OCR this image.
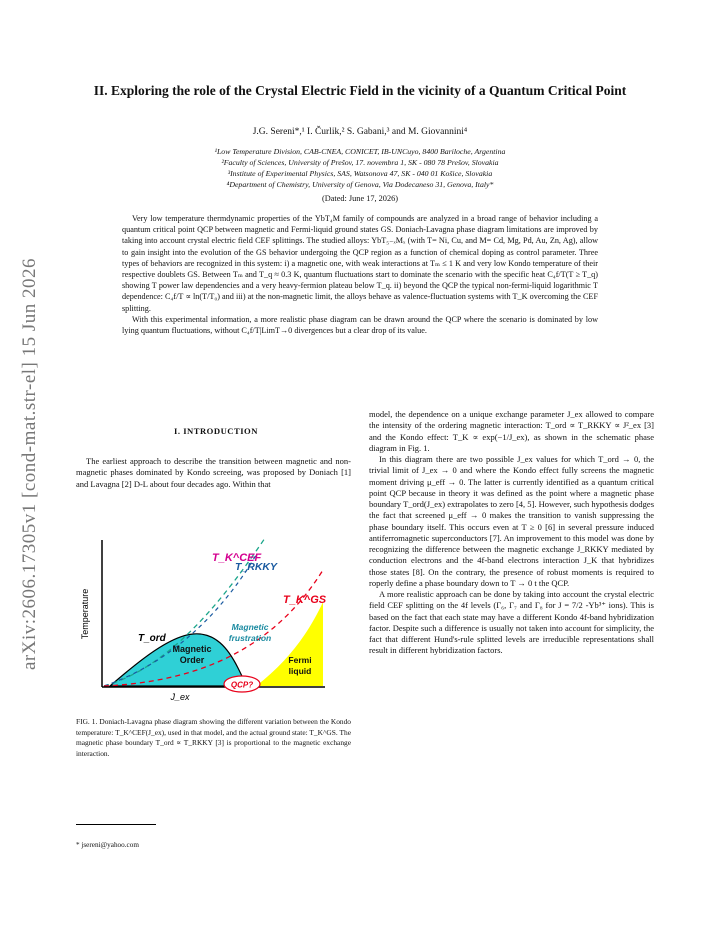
arXiv:2606.17305v1 [cond-mat.str-el] 15 Jun 2026
II. Exploring the role of the Crystal Electric Field in the vicinity of a Quantum Critical Point
J.G. Sereni*,¹ I. Čurlik,² S. Gabani,³ and M. Giovannini⁴
¹Low Temperature Division, CAB-CNEA, CONICET, IB-UNCuyo, 8400 Bariloche, Argentina
²Faculty of Sciences, University of Prešov, 17. novembra 1, SK - 080 78 Prešov, Slovakia
³Institute of Experimental Physics, SAS, Watsonova 47, SK - 040 01 Košice, Slovakia
⁴Department of Chemistry, University of Genova, Via Dodecaneso 31, Genova, Italy*
(Dated: June 17, 2026)

Very low temperature thermdynamic properties of the YbT₄M family of compounds are analyzed in a broad range of behavior including a quantum critical point QCP between magnetic and Fermi-liquid ground states GS. Doniach-Lavagna phase diagram limitations are improved by taking into account crystal electric field CEF splittings. The studied alloys: YbT₅₋ₓMₓ (with T= Ni, Cu, and M= Cd, Mg, Pd, Au, Zn, Ag), allow to gain insight into the evolution of the GS behavior undergoing the QCP region as a function of chemical doping as control parameter. Three types of behaviors are recognized in this system: i) a magnetic one, with weak interactions at Tₘ ≤ 1 K and very low Kondo temperature of their respective doublets GS. Between Tₘ and T_q ≈ 0.3 K, quantum fluctuations start to dominate the scenario with the specific heat C₄f/T(T ≥ T_q) showing T power law dependencies and a very heavy-fermion plateau below T_q. ii) beyond the QCP the typical non-fermi-liquid logarithmic T dependence: C₄f/T ∝ ln(T/T₀) and iii) at the non-magnetic limit, the alloys behave as valence-fluctuation systems with T_K overcoming the CEF splitting.

With this experimental information, a more realistic phase diagram can be drawn around the QCP where the scenario is dominated by low lying quantum fluctuations, without C₄f/T|LimT→0 divergences but a clear drop of its value.

I. INTRODUCTION

The earliest approach to describe the transition between magnetic and non-magnetic phases dominated by Kondo screeing, was proposed by Doniach [1] and Lavagna [2] D-L about four decades ago. Within that

QCP?
Temperature
J_ex
T_K^CEF
T_RKKY
T_K^GS
T_ord
Magnetic Order
Magnetic frustration
Fermi liquid
FIG. 1. Doniach-Lavagna phase diagram showing the different variation between the Kondo temperature: T_K^CEF(J_ex), used in that model, and the actual ground state: T_K^GS. The magnetic phase boundary T_ord ∝ T_RKKY [3] is proportional to the magnetic exchange interaction.

model, the dependence on a unique exchange parameter J_ex allowed to compare the intensity of the ordering magnetic interaction: T_ord ∝ T_RKKY ∝ J²_ex [3] and the Kondo effect: T_K ∝ exp(−1/J_ex), as shown in the schematic phase diagram in Fig. 1.

In this diagram there are two possible J_ex values for which T_ord → 0, the trivial limit of J_ex → 0 and where the Kondo effect fully screens the magnetic moment driving μ_eff → 0. The latter is currently identified as a quantum critical point QCP because in theory it was defined as the point where a magnetic phase boundary T_ord(J_ex) extrapolates to zero [4, 5]. However, such hypothesis dodges the fact that screened μ_eff → 0 makes the transition to vanish suppressing the phase boundary itself. This occurs even at T ≥ 0 [6] in several pressure induced antiferromagnetic superconductors [7]. An improvement to this model was done by recognizing the difference between the magnetic exchange J_RKKY mediated by conduction electrons and the 4f-band electrons interaction J_K that hybridizes those states [8]. On the contrary, the presence of robust moments is required to roperly define a phase boundary down to T → 0 t the QCP.

A more realistic approach can be done by taking into account the crystal electric field CEF splitting on the 4f levels (Γ₆, Γ₇ and Γ₈ for J = 7/2 -Yb³⁺ ions). This is based on the fact that each state may have a different Kondo 4f-band hybridization factor. Despite such a difference is usually not taken into account for simplicity, the fact that different Hund's-rule splitted levels are irreducible representations shall result in different hybridization factors.

* jsereni@yahoo.com
